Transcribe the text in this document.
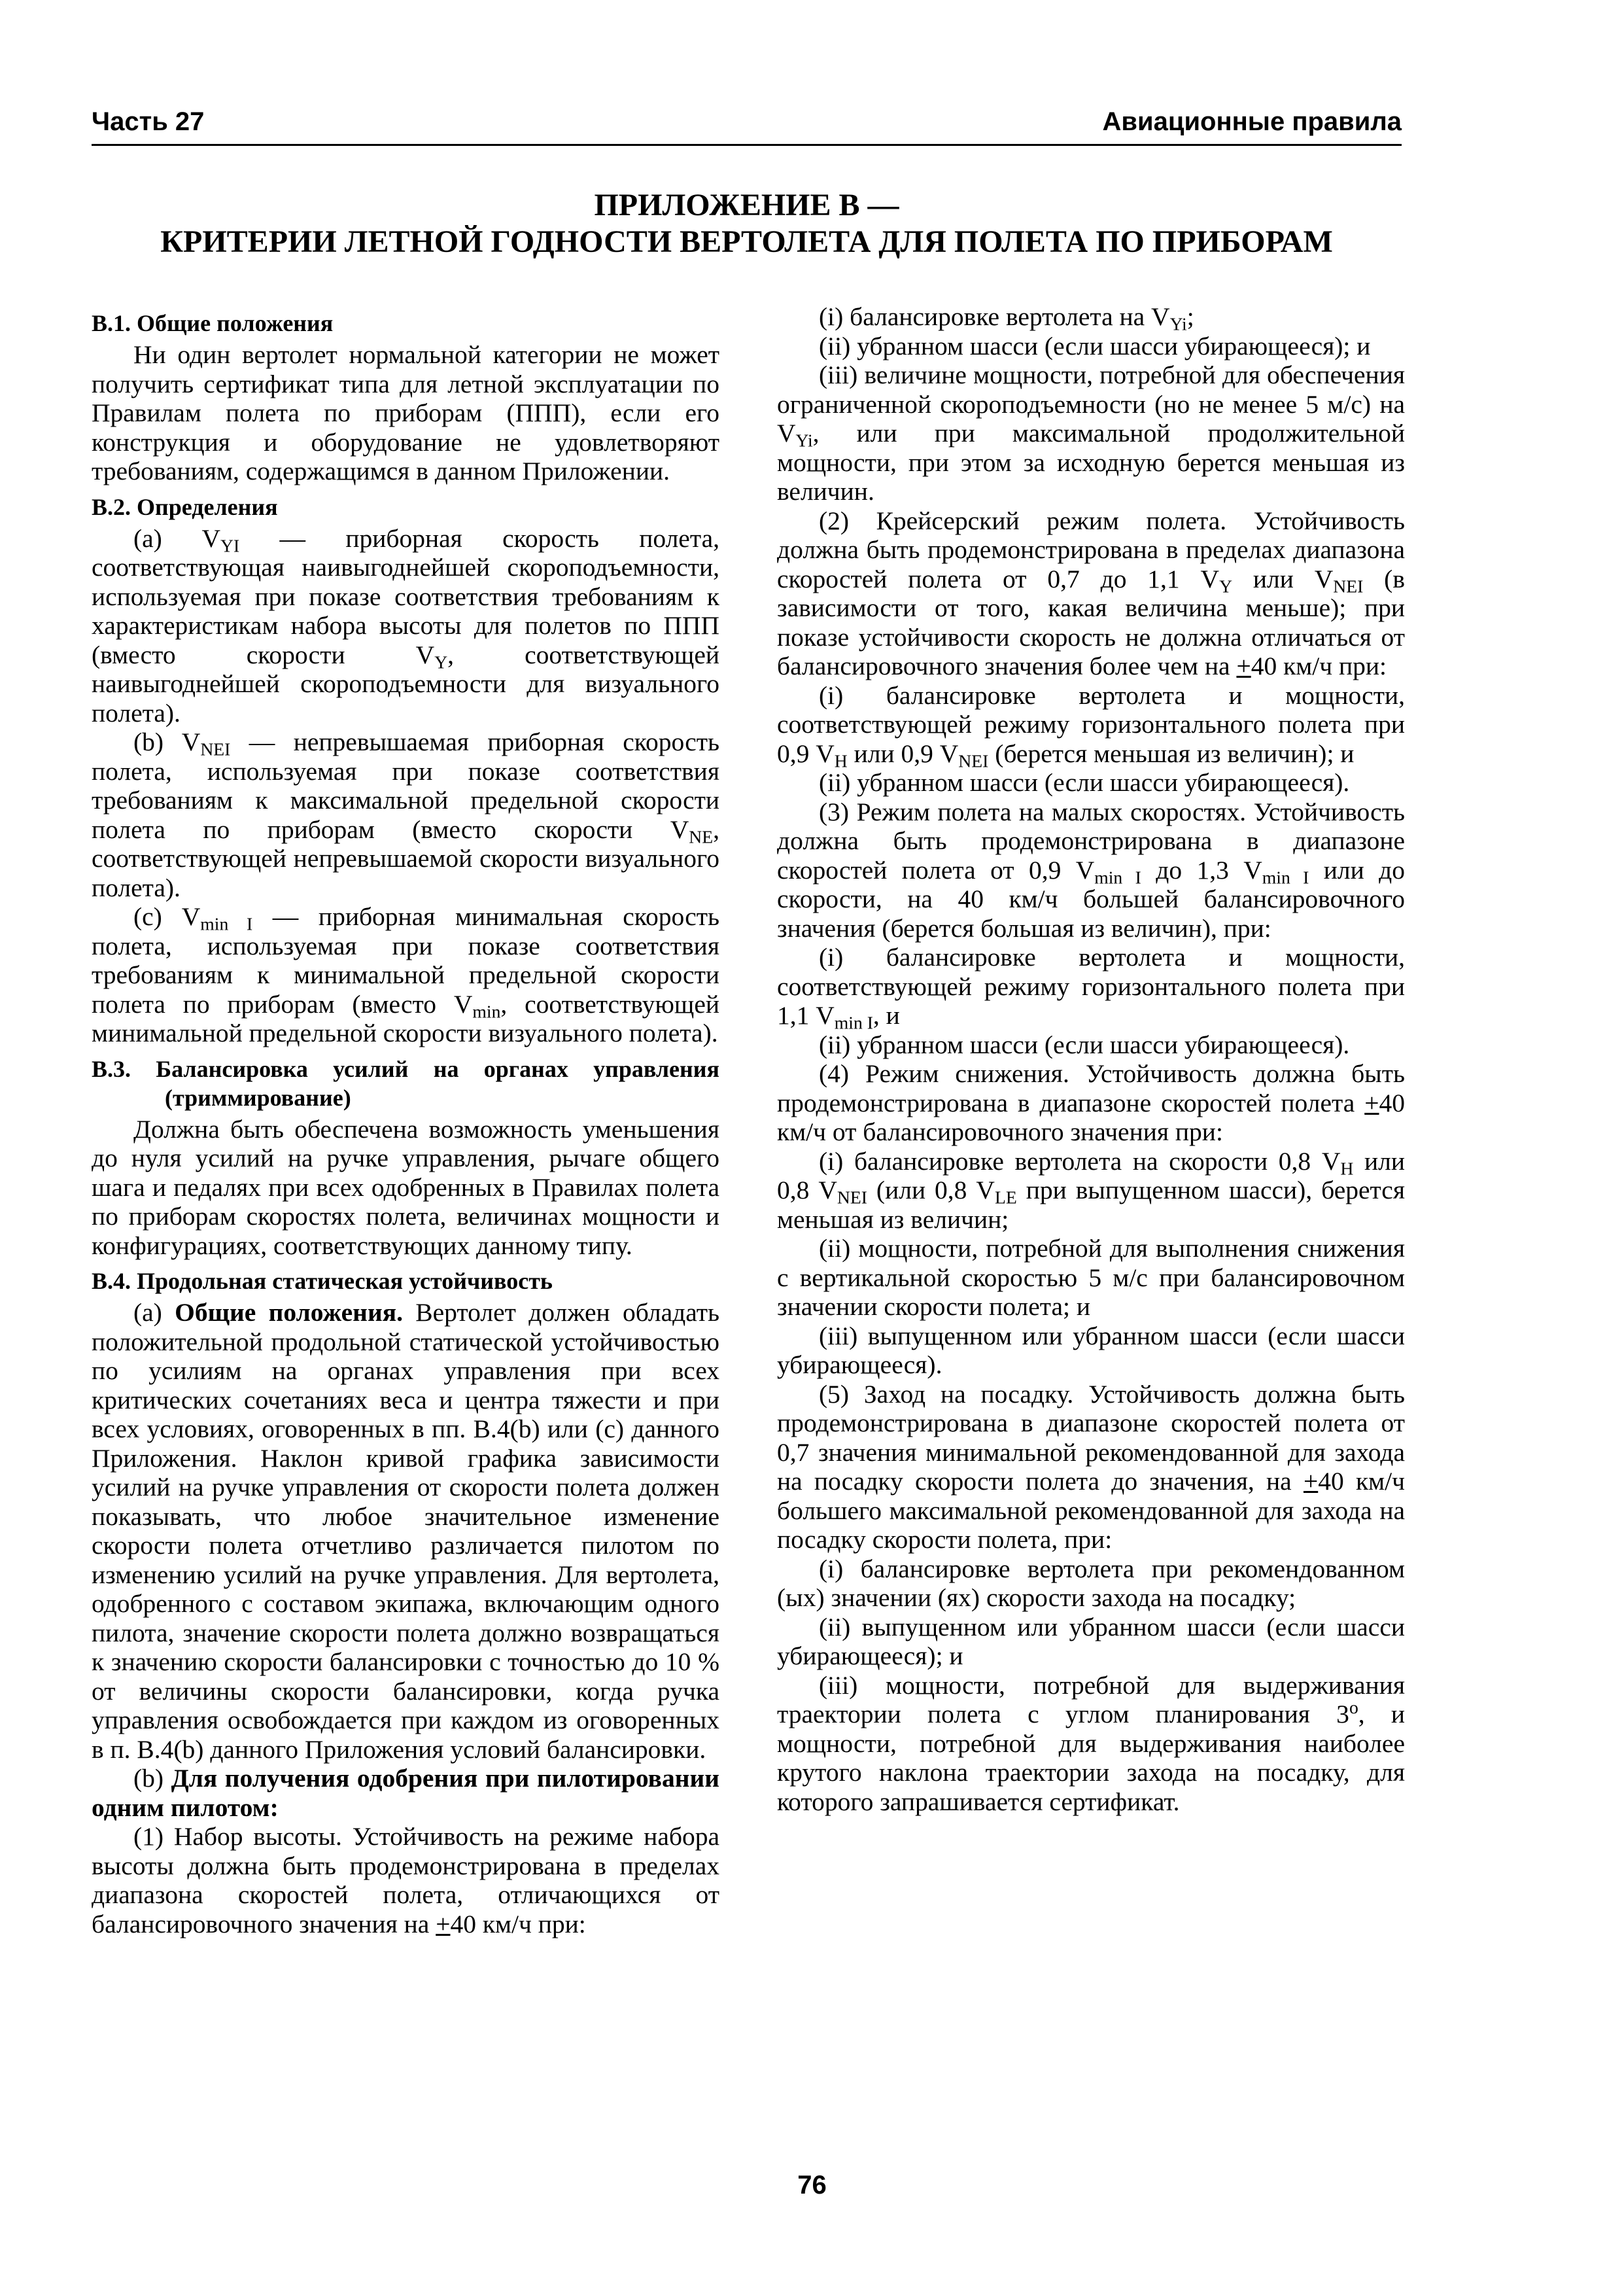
Часть 27	Авиационные правила
ПРИЛОЖЕНИЕ В —
КРИТЕРИИ ЛЕТНОЙ ГОДНОСТИ ВЕРТОЛЕТА ДЛЯ ПОЛЕТА ПО ПРИБОРАМ
В.1. Общие положения

Ни один вертолет нормальной категории не может получить сертификат типа для летной эксплуатации по Правилам полета по приборам (ППП), если его конструкция и оборудование не удовлетворяют требованиям, содержащимся в данном Приложении.

В.2. Определения

(a) $V_{YI}$ — приборная скорость полета, соответствующая наивыгоднейшей скороподъемности, используемая при показе соответствия требованиям к характеристикам набора высоты для полетов по ППП (вместо скорости $V_Y$, соответствующей наивыгоднейшей скороподъемности для визуального полета).

(b) $V_{NEI}$ — непревышаемая приборная скорость полета, используемая при показе соответствия требованиям к максимальной предельной скорости полета по приборам (вместо скорости $V_{NE}$, соответствующей непревышаемой скорости визуального полета).

(c) $V_{min I}$ — приборная минимальная скорость полета, используемая при показе соответствия требованиям к минимальной предельной скорости полета по приборам (вместо $V_{min}$, соответствующей минимальной предельной скорости визуального полета).

В.3. Балансировка усилий на органах управления (триммирование)

Должна быть обеспечена возможность уменьшения до нуля усилий на ручке управления, рычаге общего шага и педалях при всех одобренных в Правилах полета по приборам скоростях полета, величинах мощности и конфигурациях, соответствующих данному типу.

В.4. Продольная статическая устойчивость

(a) Общие положения. Вертолет должен обладать положительной продольной статической устойчивостью по усилиям на органах управления при всех критических сочетаниях веса и центра тяжести и при всех условиях, оговоренных в пп. В.4(b) или (c) данного Приложения. Наклон кривой графика зависимости усилий на ручке управления от скорости полета должен показывать, что любое значительное изменение скорости полета отчетливо различается пилотом по изменению усилий на ручке управления. Для вертолета, одобренного с составом экипажа, включающим одного пилота, значение скорости полета должно возвращаться к значению скорости балансировки с точностью до 10 % от величины скорости балансировки, когда ручка управления освобождается при каждом из оговоренных в п. В.4(b) данного Приложения условий балансировки.

(b) Для получения одобрения при пилотировании одним пилотом:

(1) Набор высоты. Устойчивость на режиме набора высоты должна быть продемонстрирована в пределах диапазона скоростей полета, отличающихся от балансировочного значения на +40 км/ч при:

(i) балансировке вертолета на $V_{Yi}$;

(ii) убранном шасси (если шасси убирающееся); и

(iii) величине мощности, потребной для обеспечения ограниченной скороподъемности (но не менее 5 м/с) на $V_{Yi}$, или при максимальной продолжительной мощности, при этом за исходную берется меньшая из величин.

(2) Крейсерский режим полета. Устойчивость должна быть продемонстрирована в пределах диапазона скоростей полета от 0,7 до 1,1 $V_Y$ или $V_{NEI}$ (в зависимости от того, какая величина меньше); при показе устойчивости скорость не должна отличаться от балансировочного значения более чем на +40 км/ч при:

(i) балансировке вертолета и мощности, соответствующей режиму горизонтального полета при 0,9 $V_H$ или 0,9 $V_{NEI}$ (берется меньшая из величин); и

(ii) убранном шасси (если шасси убирающееся).

(3) Режим полета на малых скоростях. Устойчивость должна быть продемонстрирована в диапазоне скоростей полета от 0,9 $V_{min I}$ до 1,3 $V_{min I}$ или до скорости, на 40 км/ч большей балансировочного значения (берется большая из величин), при:

(i) балансировке вертолета и мощности, соответствующей режиму горизонтального полета при 1,1 $V_{min I}$, и

(ii) убранном шасси (если шасси убирающееся).

(4) Режим снижения. Устойчивость должна быть продемонстрирована в диапазоне скоростей полета +40 км/ч от балансировочного значения при:

(i) балансировке вертолета на скорости 0,8 $V_H$ или 0,8 $V_{NEI}$ (или 0,8 $V_{LE}$ при выпущенном шасси), берется меньшая из величин;

(ii) мощности, потребной для выполнения снижения с вертикальной скоростью 5 м/с при балансировочном значении скорости полета; и

(iii) выпущенном или убранном шасси (если шасси убирающееся).

(5) Заход на посадку. Устойчивость должна быть продемонстрирована в диапазоне скоростей полета от 0,7 значения минимальной рекомендованной для захода на посадку скорости полета до значения, на +40 км/ч большего максимальной рекомендованной для захода на посадку скорости полета, при:

(i) балансировке вертолета при рекомендованном (ых) значении (ях) скорости захода на посадку;

(ii) выпущенном или убранном шасси (если шасси убирающееся); и

(iii) мощности, потребной для выдерживания траектории полета с углом планирования $3^о$, и мощности, потребной для выдерживания наиболее крутого наклона траектории захода на посадку, для которого запрашивается сертификат.

76
